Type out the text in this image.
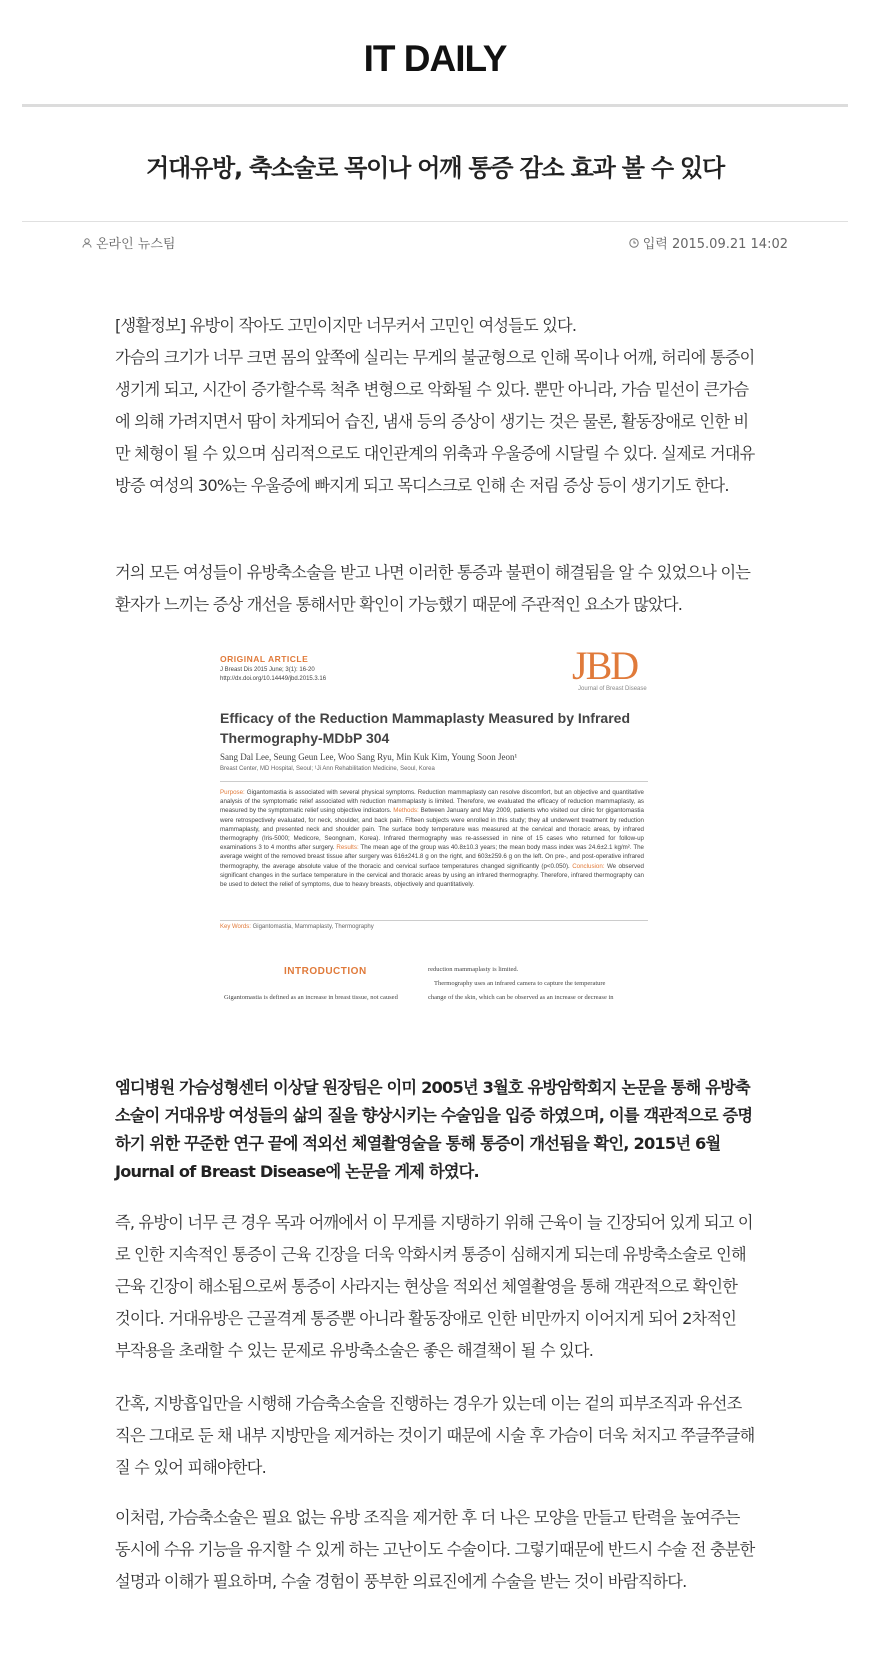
IT DAILY
거대유방, 축소술로 목이나 어깨 통증 감소 효과 볼 수 있다
온라인 뉴스팀	입력 2015.09.21 14:02

[생활정보] 유방이 작아도 고민이지만 너무커서 고민인 여성들도 있다.

가슴의 크기가 너무 크면 몸의 앞쪽에 실리는 무게의 불균형으로 인해 목이나 어깨, 허리에 통증이 생기게 되고, 시간이 증가할수록 척추 변형으로 악화될 수 있다. 뿐만 아니라, 가슴 밑선이 큰가슴에 의해 가려지면서 땀이 차게되어 습진, 냄새 등의 증상이 생기는 것은 물론, 활동장애로 인한 비만 체형이 될 수 있으며 심리적으로도 대인관계의 위축과 우울증에 시달릴 수 있다. 실제로 거대유방증 여성의 30%는 우울증에 빠지게 되고 목디스크로 인해 손 저림 증상 등이 생기기도 한다.

거의 모든 여성들이 유방축소술을 받고 나면 이러한 통증과 불편이 해결됨을 알 수 있었으나 이는 환자가 느끼는 증상 개선을 통해서만 확인이 가능했기 때문에 주관적인 요소가 많았다.

ORIGINAL ARTICLE
J Breast Dis 2015 June; 3(1): 16-20
http://dx.doi.org/10.14449/jbd.2015.3.16	JBD
Journal of Breast Disease
Efficacy of the Reduction Mammaplasty Measured by Infrared Thermography-MDbP 304
Sang Dal Lee, Seung Geun Lee, Woo Sang Ryu, Min Kuk Kim, Young Soon Jeon¹
Breast Center, MD Hospital, Seoul; ¹Ji Ann Rehabilitation Medicine, Seoul, Korea
Purpose: Gigantomastia is associated with several physical symptoms. Reduction mammaplasty can resolve discomfort, but an objective and quantitative analysis of the symptomatic relief associated with reduction mammaplasty is limited. Therefore, we evaluated the efficacy of reduction mammaplasty, as measured by the symptomatic relief using objective indicators. Methods: Between January and May 2009, patients who visited our clinic for gigantomastia were retrospectively evaluated, for neck, shoulder, and back pain. Fifteen subjects were enrolled in this study; they all underwent treatment by reduction mammaplasty, and presented neck and shoulder pain. The surface body temperature was measured at the cervical and thoracic areas, by infrared thermography (Iris-5000; Medicore, Seongnam, Korea). Infrared thermography was re-assessed in nine of 15 cases who returned for follow-up examinations 3 to 4 months after surgery. Results: The mean age of the group was 40.8±10.3 years; the mean body mass index was 24.6±2.1 kg/m². The average weight of the removed breast tissue after surgery was 616±241.8 g on the right, and 603±259.6 g on the left. On pre-, and post-operative infrared thermography, the average absolute value of the thoracic and cervical surface temperatures changed significantly (p<0.050). Conclusion: We observed significant changes in the surface temperature in the cervical and thoracic areas by using an infrared thermography. Therefore, infrared thermography can be used to detect the relief of symptoms, due to heavy breasts, objectively and quantitatively.
Key Words: Gigantomastia, Mammaplasty, Thermography
INTRODUCTION	reduction mammaplasty is limited.
Thermography uses an infrared camera to capture the temperature
Gigantomastia is defined as an increase in breast tissue, not caused	change of the skin, which can be observed as an increase or decrease in

엠디병원 가슴성형센터 이상달 원장팀은 이미 2005년 3월호 유방암학회지 논문을 통해 유방축소술이 거대유방 여성들의 삶의 질을 향상시키는 수술임을 입증 하였으며, 이를 객관적으로 증명하기 위한 꾸준한 연구 끝에 적외선 체열촬영술을 통해 통증이 개선됨을 확인, 2015년 6월 Journal of Breast Disease에 논문을 게제 하였다.

즉, 유방이 너무 큰 경우 목과 어깨에서 이 무게를 지탱하기 위해 근육이 늘 긴장되어 있게 되고 이로 인한 지속적인 통증이 근육 긴장을 더욱 악화시켜 통증이 심해지게 되는데 유방축소술로 인해 근육 긴장이 해소됨으로써 통증이 사라지는 현상을 적외선 체열촬영을 통해 객관적으로 확인한 것이다. 거대유방은 근골격계 통증뿐 아니라 활동장애로 인한 비만까지 이어지게 되어 2차적인 부작용을 초래할 수 있는 문제로 유방축소술은 좋은 해결책이 될 수 있다.

간혹, 지방흡입만을 시행해 가슴축소술을 진행하는 경우가 있는데 이는 겉의 피부조직과 유선조직은 그대로 둔 채 내부 지방만을 제거하는 것이기 때문에 시술 후 가슴이 더욱 처지고 쭈글쭈글해질 수 있어 피해야한다.

이처럼, 가슴축소술은 필요 없는 유방 조직을 제거한 후 더 나은 모양을 만들고 탄력을 높여주는 동시에 수유 기능을 유지할 수 있게 하는 고난이도 수술이다. 그렇기때문에 반드시 수술 전 충분한 설명과 이해가 필요하며, 수술 경험이 풍부한 의료진에게 수술을 받는 것이 바람직하다.
